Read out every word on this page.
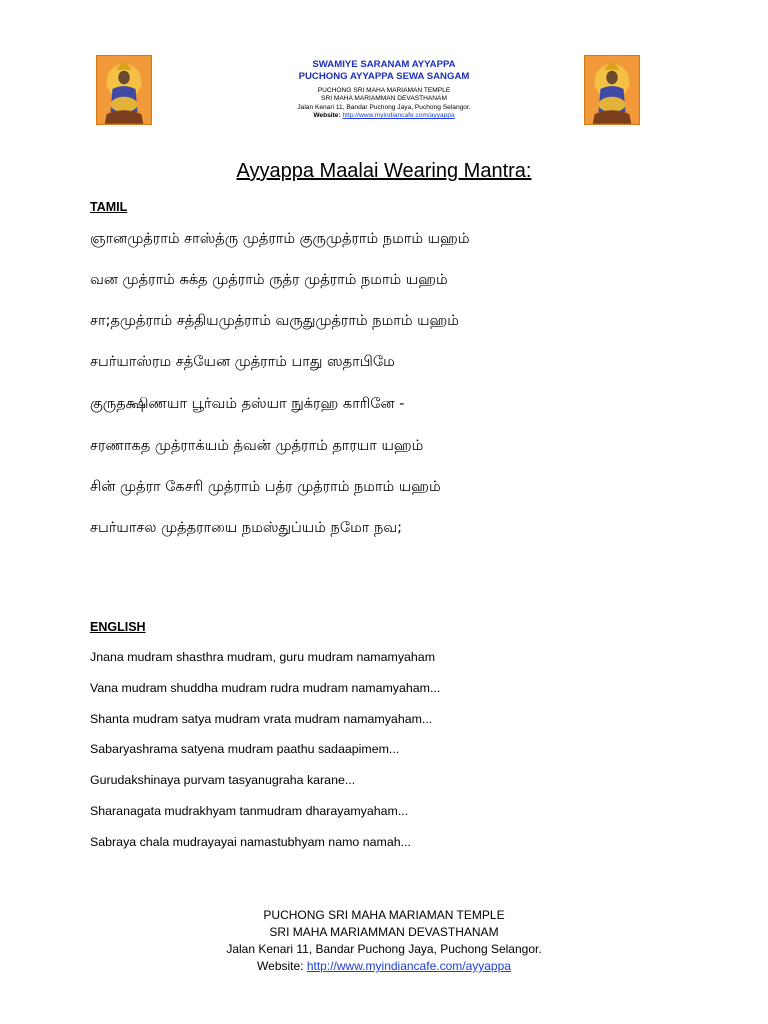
SWAMIYE SARANAM AYYAPPA
PUCHONG AYYAPPA SEWA SANGAM
PUCHONG SRI MAHA MARIAMAN TEMPLE
SRI MAHA MARIAMMAN DEVASTHANAM
Jalan Kenari 11, Bandar Puchong Jaya, Puchong Selangor.
Website: http://www.myindiancafe.com/ayyappa
Ayyappa Maalai Wearing Mantra:
TAMIL
ஞானமுத்ராம் சாஸ்த்ரு முத்ராம் குருமுத்ராம் நமாம் யஹம்
வன முத்ராம் சுக்த முத்ராம் ருத்ர முத்ராம் நமாம் யஹம்
சா;தமுத்ராம் சத்தியமுத்ராம் வருதுமுத்ராம் நமாம் யஹம்
சபர்யாஸ்ரம சத்யேன முத்ராம் பாது ஸதாபிமே
குருதக்ஷிணயா பூர்வம் தஸ்யா நுக்ரஹ காரினே -
சரணாகத முத்ராக்யம் த்வன் முத்ராம் தாரயா யஹம்
சின் முத்ரா கேசரி முத்ராம் பத்ர முத்ராம் நமாம் யஹம்
சபர்யாசல முத்தராயை நமஸ்துப்யம் நமோ நவ;
ENGLISH
Jnana mudram shasthra mudram, guru mudram namamyaham
Vana mudram shuddha mudram rudra mudram namamyaham...
Shanta mudram satya mudram vrata mudram namamyaham...
Sabaryashrama satyena mudram paathu sadaapimem...
Gurudakshinaya purvam tasyanugraha karane...
Sharanagata mudrakhyam tanmudram dharayamyaham...
Sabraya chala mudrayayai namastubhyam namo namah...
PUCHONG SRI MAHA MARIAMAN TEMPLE
SRI MAHA MARIAMMAN DEVASTHANAM
Jalan Kenari 11, Bandar Puchong Jaya, Puchong Selangor.
Website: http://www.myindiancafe.com/ayyappa
